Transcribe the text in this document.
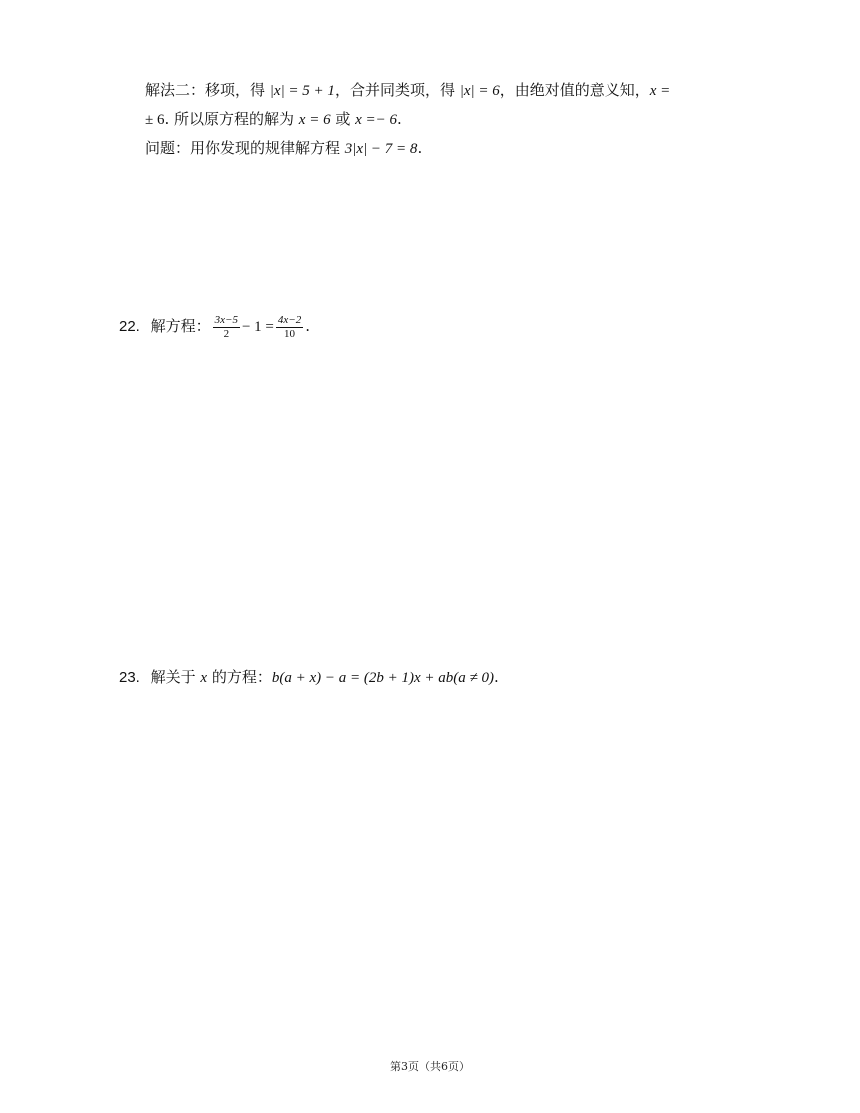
解法二：移项，得 |x| = 5 + 1，合并同类项，得 |x| = 6，由绝对值的意义知，x =
± 6. 所以原方程的解为 x = 6 或 x =− 6.
问题：用你发现的规律解方程 3|x| − 7 = 8.
22. 解方程： $\frac{3x-5}{2} - 1 = \frac{4x-2}{10}$ .
23. 解关于 x 的方程：b(a + x) − a = (2b + 1)x + ab(a ≠ 0).
第3页（共6页）
